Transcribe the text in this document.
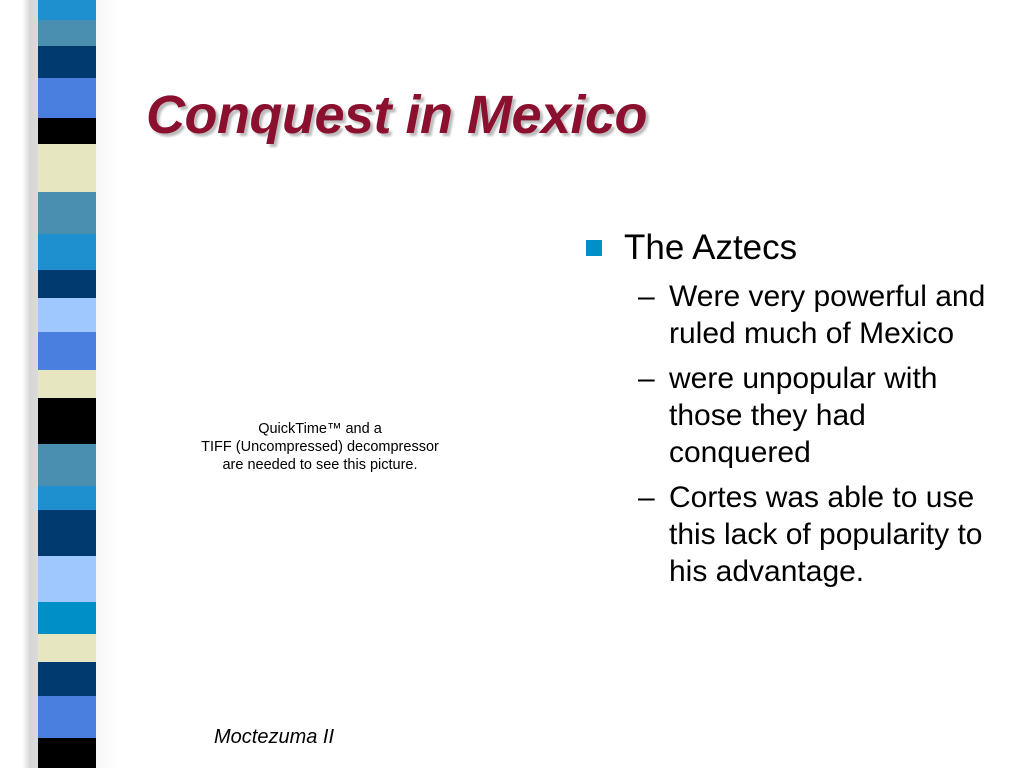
Conquest in Mexico
QuickTime™ and a
TIFF (Uncompressed) decompressor
are needed to see this picture.
Moctezuma II
The Aztecs
– Were very powerful and ruled much of Mexico
– were unpopular with those they had conquered
– Cortes was able to use this lack of popularity to his advantage.
